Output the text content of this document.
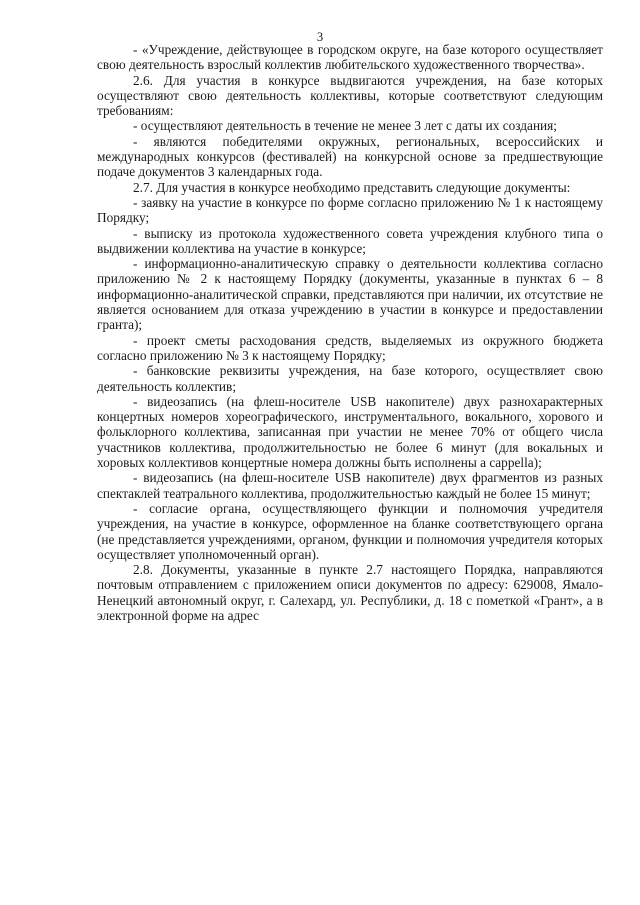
3

- «Учреждение, действующее в городском округе, на базе которого осуществляет свою деятельность взрослый коллектив любительского художественного творчества».

2.6. Для участия в конкурсе выдвигаются учреждения, на базе которых осуществляют свою деятельность коллективы, которые соответствуют следующим требованиям:

- осуществляют деятельность в течение не менее 3 лет с даты их создания;

- являются победителями окружных, региональных, всероссийских и международных конкурсов (фестивалей) на конкурсной основе за предшествующие подаче документов 3 календарных года.

2.7. Для участия в конкурсе необходимо представить следующие документы:

- заявку на участие в конкурсе по форме согласно приложению № 1 к настоящему Порядку;

- выписку из протокола художественного совета учреждения клубного типа о выдвижении коллектива на участие в конкурсе;

- информационно-аналитическую справку о деятельности коллектива согласно приложению № 2 к настоящему Порядку (документы, указанные в пунктах 6 – 8 информационно-аналитической справки, представляются при наличии, их отсутствие не является основанием для отказа учреждению в участии в конкурсе и предоставлении гранта);

- проект сметы расходования средств, выделяемых из окружного бюджета согласно приложению № 3 к настоящему Порядку;

- банковские реквизиты учреждения, на базе которого, осуществляет свою деятельность коллектив;

- видеозапись (на флеш-носителе USB накопителе) двух разнохарактерных концертных номеров хореографического, инструментального, вокального, хорового и фольклорного коллектива, записанная при участии не менее 70% от общего числа участников коллектива, продолжительностью не более 6 минут (для вокальных и хоровых коллективов концертные номера должны быть исполнены a cappella);

- видеозапись (на флеш-носителе USB накопителе) двух фрагментов из разных спектаклей театрального коллектива, продолжительностью каждый не более 15 минут;

- согласие органа, осуществляющего функции и полномочия учредителя учреждения, на участие в конкурсе, оформленное на бланке соответствующего органа (не представляется учреждениями, органом, функции и полномочия учредителя которых осуществляет уполномоченный орган).

2.8. Документы, указанные в пункте 2.7 настоящего Порядка, направляются почтовым отправлением с приложением описи документов по адресу: 629008, Ямало-Ненецкий автономный округ, г. Салехард, ул. Республики, д. 18 с пометкой «Грант», а в электронной форме на адрес
